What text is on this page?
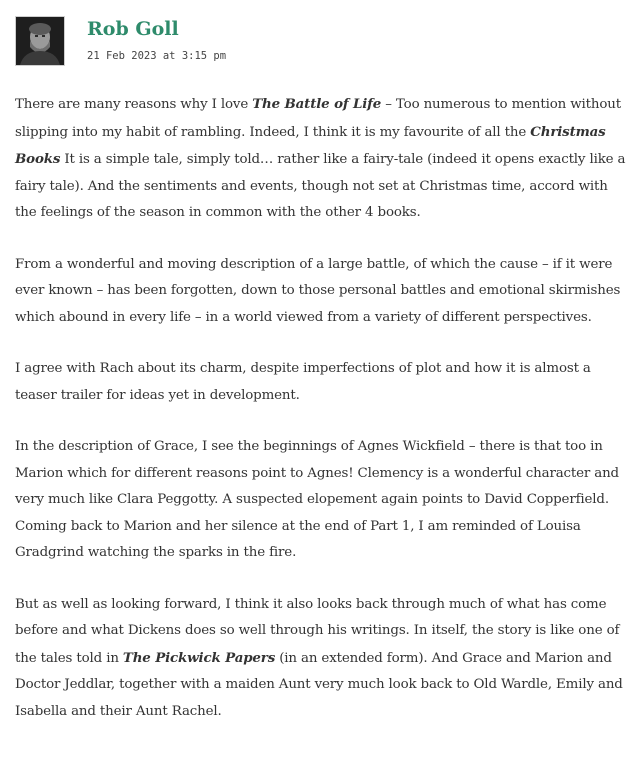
Rob Goll
21 Feb 2023 at 3:15 pm

There are many reasons why I love The Battle of Life – Too numerous to mention without slipping into my habit of rambling. Indeed, I think it is my favourite of all the Christmas Books It is a simple tale, simply told… rather like a fairy-tale (indeed it opens exactly like a fairy tale). And the sentiments and events, though not set at Christmas time, accord with the feelings of the season in common with the other 4 books.

From a wonderful and moving description of a large battle, of which the cause – if it were ever known – has been forgotten, down to those personal battles and emotional skirmishes which abound in every life – in a world viewed from a variety of different perspectives.

I agree with Rach about its charm, despite imperfections of plot and how it is almost a teaser trailer for ideas yet in development.

In the description of Grace, I see the beginnings of Agnes Wickfield – there is that too in Marion which for different reasons point to Agnes! Clemency is a wonderful character and very much like Clara Peggotty. A suspected elopement again points to David Copperfield. Coming back to Marion and her silence at the end of Part 1, I am reminded of Louisa Gradgrind watching the sparks in the fire.

But as well as looking forward, I think it also looks back through much of what has come before and what Dickens does so well through his writings. In itself, the story is like one of the tales told in The Pickwick Papers (in an extended form). And Grace and Marion and Doctor Jeddlar, together with a maiden Aunt very much look back to Old Wardle, Emily and Isabella and their Aunt Rachel.
